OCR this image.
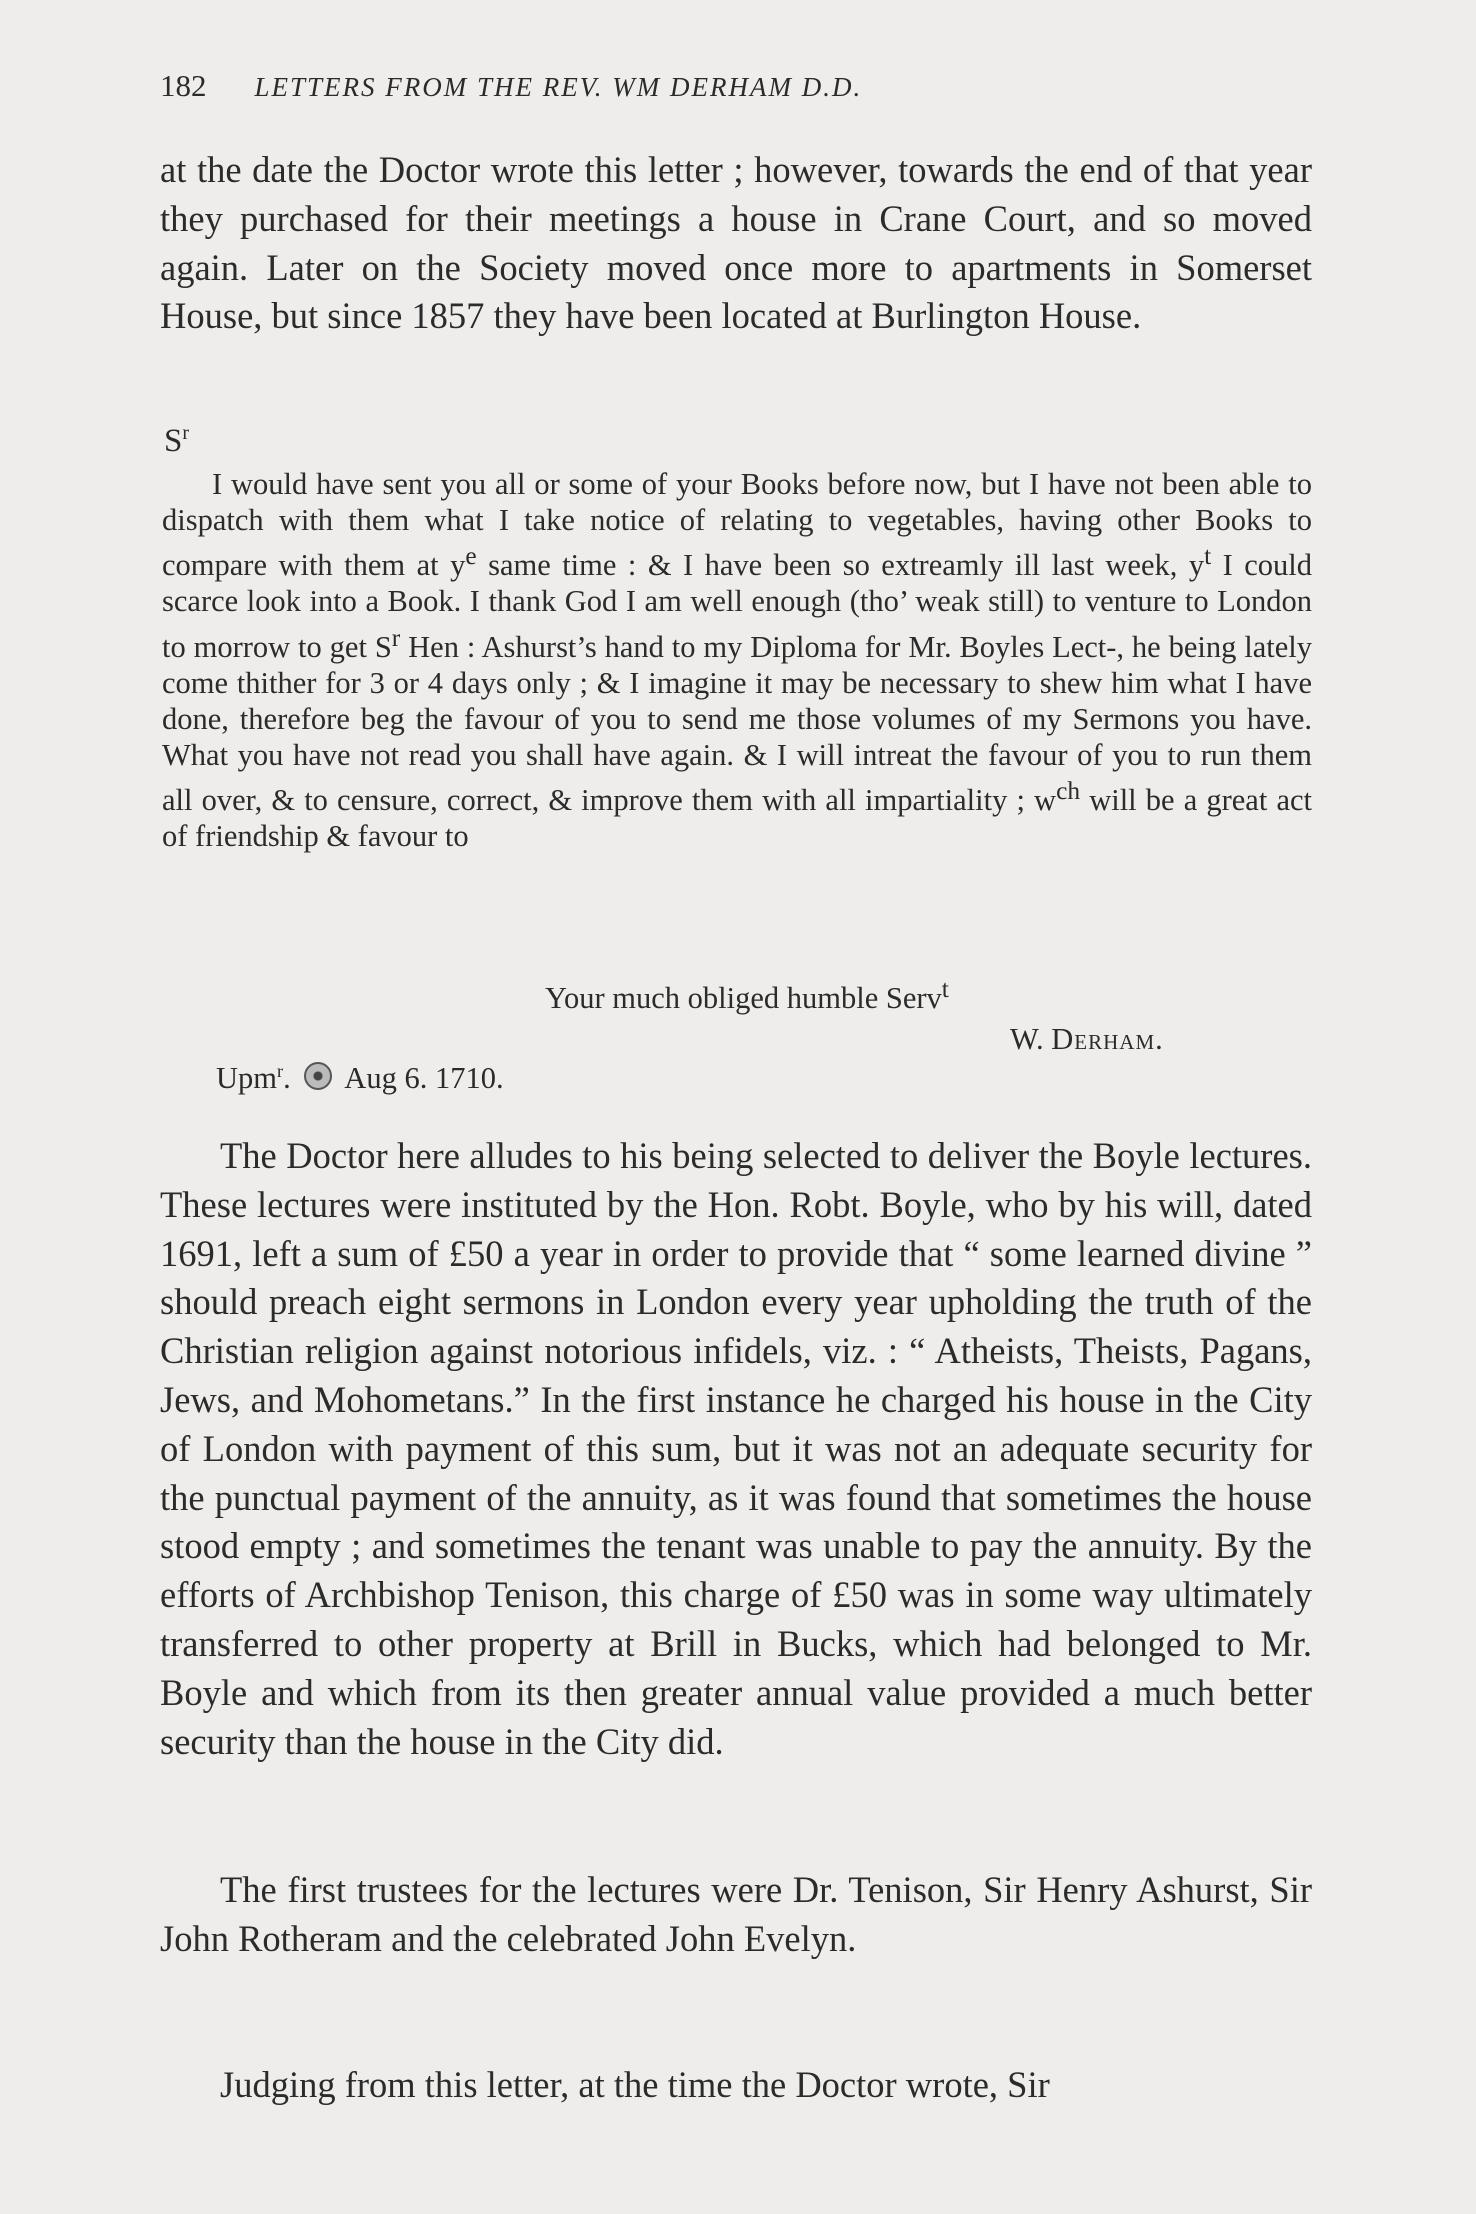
182 LETTERS FROM THE REV. WM DERHAM D.D.

at the date the Doctor wrote this letter ; however, towards the end of that year they purchased for their meetings a house in Crane Court, and so moved again. Later on the Society moved once more to apartments in Somerset House, but since 1857 they have been located at Burlington House.

$S^r$

I would have sent you all or some of your Books before now, but I have not been able to dispatch with them what I take notice of relating to vegetables, having other Books to compare with them at $y^e$ same time : & I have been so extreamly ill last week, $y^t$ I could scarce look into a Book. I thank God I am well enough (tho’ weak still) to venture to London to morrow to get $S^r$ Hen : Ashurst’s hand to my Diploma for Mr. Boyles Lect-, he being lately come thither for 3 or 4 days only ; & I imagine it may be necessary to shew him what I have done, therefore beg the favour of you to send me those volumes of my Sermons you have. What you have not read you shall have again. & I will intreat the favour of you to run them all over, & to censure, correct, & improve them with all impartiality ; $w^{ch}$ will be a great act of friendship & favour to

Your much obliged humble Serv$^t$
W. Derham.
Upm$^r$. Aug 6. 1710.

The Doctor here alludes to his being selected to deliver the Boyle lectures. These lectures were instituted by the Hon. Robt. Boyle, who by his will, dated 1691, left a sum of £50 a year in order to provide that “ some learned divine ” should preach eight sermons in London every year upholding the truth of the Christian religion against notorious infidels, viz. : “ Atheists, Theists, Pagans, Jews, and Mohometans.” In the first instance he charged his house in the City of London with payment of this sum, but it was not an adequate security for the punctual payment of the annuity, as it was found that sometimes the house stood empty ; and sometimes the tenant was unable to pay the annuity. By the efforts of Archbishop Tenison, this charge of £50 was in some way ultimately transferred to other property at Brill in Bucks, which had belonged to Mr. Boyle and which from its then greater annual value provided a much better security than the house in the City did.

The first trustees for the lectures were Dr. Tenison, Sir Henry Ashurst, Sir John Rotheram and the celebrated John Evelyn.

Judging from this letter, at the time the Doctor wrote, Sir
